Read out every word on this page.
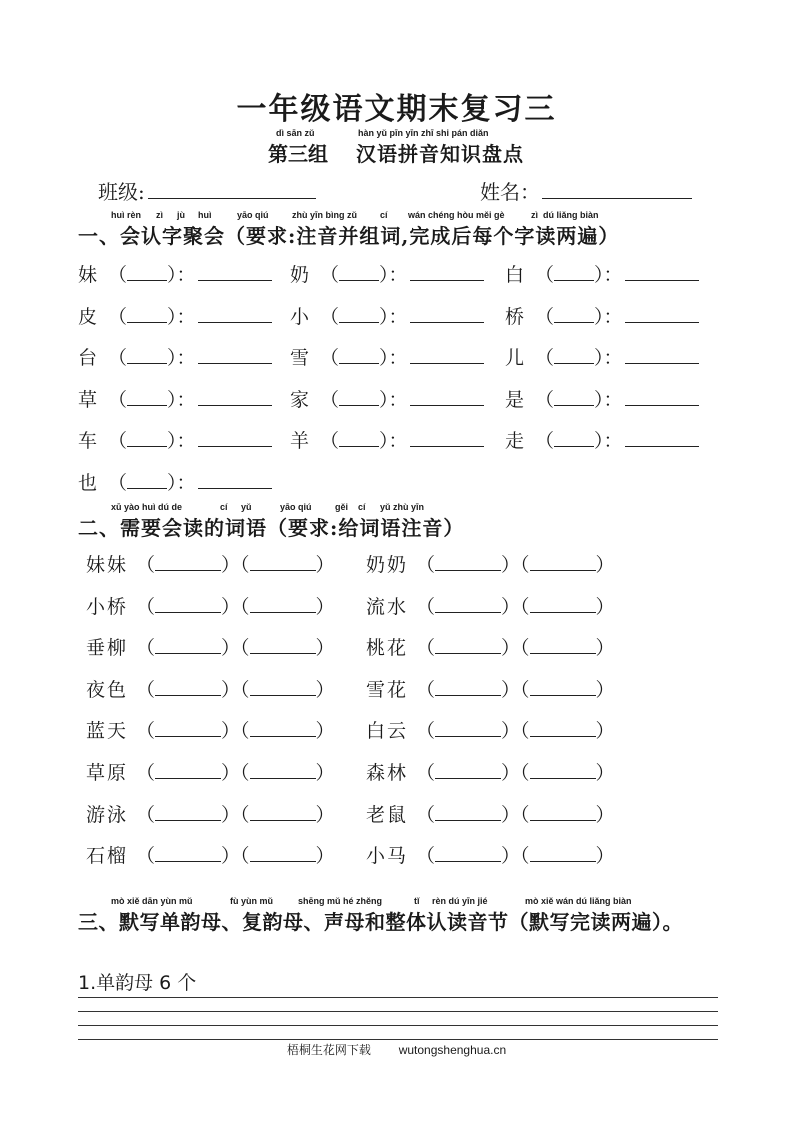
一年级语文期末复习三
dì sān zǔ	hàn yǔ pīn yīn zhī shi pán diǎn
第三组 汉语拼音知识盘点
班级:	姓名：
huì rèn zì jù huì	yāo qiú	zhù yīn bìng zǔ	cí wán chéng hòu měi gè	zì dú liǎng biàn
一、会认字聚会（要求:注音并组词,完成后每个字读两遍）
妹 （ ）：	奶 （ ）：	白 （ ）：
皮 （ ）：	小 （ ）：	桥 （ ）：
台 （ ）：	雪 （ ）：	儿 （ ）：
草 （ ）：	家 （ ）：	是 （ ）：
车 （ ）：	羊 （ ）：	走 （ ）：
也 （ ）：
xū yào huì dú de	cí yǔ	yāo qiú	gěi cí yǔ zhù yīn
二、需要会读的词语（要求:给词语注音）
妹妹 （	）（	） 奶奶 （	）（	）
小桥 （	）（	） 流水 （	）（	）
垂柳 （	）（	） 桃花 （	）（	）
夜色 （	）（	） 雪花 （	）（	）
蓝天 （	）（	） 白云 （	）（	）
草原 （	）（	） 森林 （	）（	）
游泳 （	）（	） 老鼠 （	）（	）
石榴 （	）（	） 小马 （	）（	）
mò xiě dān yùn mǔ	fù yùn mǔ	shēng mǔ hé zhěng	tǐ rèn dú yīn jié	mò xiě wán dú liǎng biàn
三、默写单韵母、复韵母、声母和整体认读音节（默写完读两遍）。
1.单韵母 6 个
梧桐生花网下载 wutongshenghua.cn
